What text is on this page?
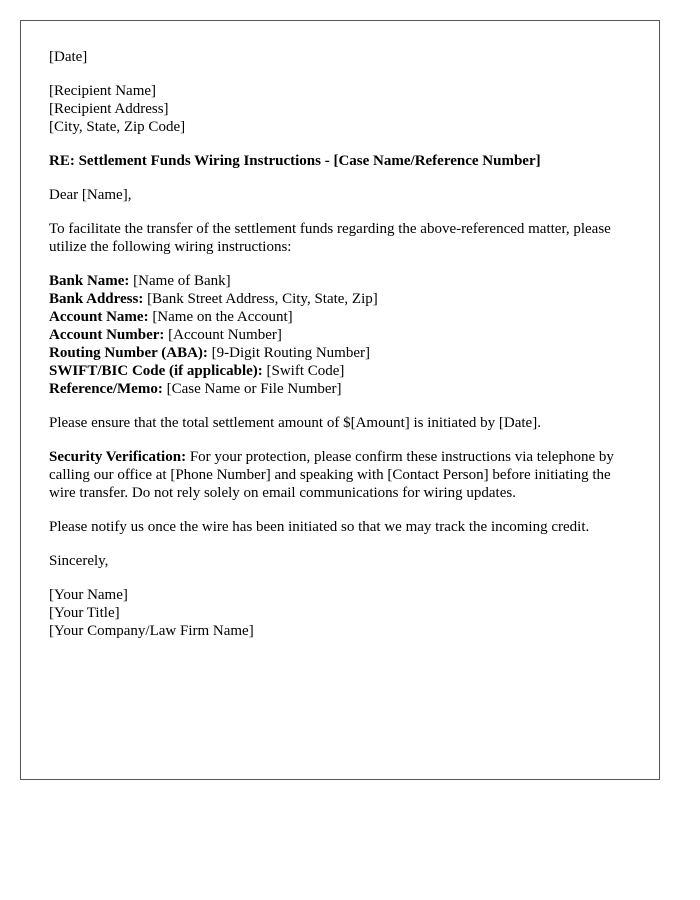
[Date]
[Recipient Name]
[Recipient Address]
[City, State, Zip Code]
RE: Settlement Funds Wiring Instructions - [Case Name/Reference Number]
Dear [Name],
To facilitate the transfer of the settlement funds regarding the above-referenced matter, please utilize the following wiring instructions:
Bank Name: [Name of Bank]
Bank Address: [Bank Street Address, City, State, Zip]
Account Name: [Name on the Account]
Account Number: [Account Number]
Routing Number (ABA): [9-Digit Routing Number]
SWIFT/BIC Code (if applicable): [Swift Code]
Reference/Memo: [Case Name or File Number]
Please ensure that the total settlement amount of $[Amount] is initiated by [Date].
Security Verification: For your protection, please confirm these instructions via telephone by calling our office at [Phone Number] and speaking with [Contact Person] before initiating the wire transfer. Do not rely solely on email communications for wiring updates.
Please notify us once the wire has been initiated so that we may track the incoming credit.
Sincerely,
[Your Name]
[Your Title]
[Your Company/Law Firm Name]
